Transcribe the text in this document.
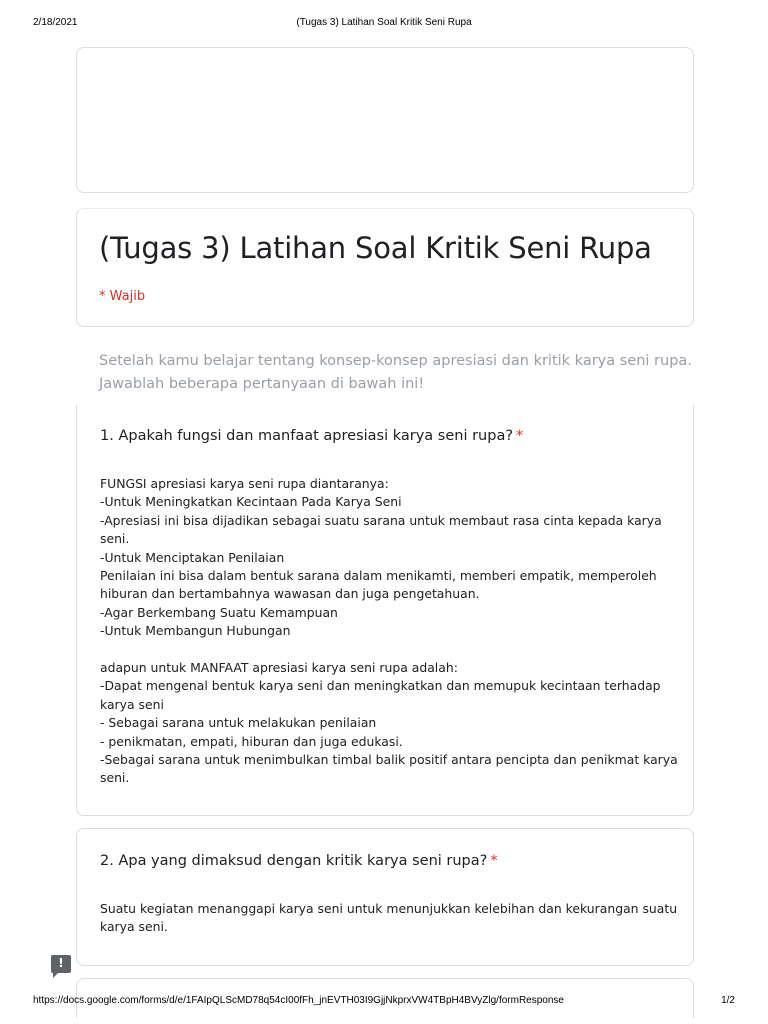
2/18/2021	(Tugas 3) Latihan Soal Kritik Seni Rupa
(Tugas 3) Latihan Soal Kritik Seni Rupa
* Wajib
Setelah kamu belajar tentang konsep-konsep apresiasi dan kritik karya seni rupa.
Jawablah beberapa pertanyaan di bawah ini!
1. Apakah fungsi dan manfaat apresiasi karya seni rupa? *
FUNGSI apresiasi karya seni rupa diantaranya:
-Untuk Meningkatkan Kecintaan Pada Karya Seni
-Apresiasi ini bisa dijadikan sebagai suatu sarana untuk membaut rasa cinta kepada karya
seni.
-Untuk Menciptakan Penilaian
Penilaian ini bisa dalam bentuk sarana dalam menikamti, memberi empatik, memperoleh
hiburan dan bertambahnya wawasan dan juga pengetahuan.
-Agar Berkembang Suatu Kemampuan
-Untuk Membangun Hubungan
adapun untuk MANFAAT apresiasi karya seni rupa adalah:
-Dapat mengenal bentuk karya seni dan meningkatkan dan memupuk kecintaan terhadap
karya seni
- Sebagai sarana untuk melakukan penilaian
- penikmatan, empati, hiburan dan juga edukasi.
-Sebagai sarana untuk menimbulkan timbal balik positif antara pencipta dan penikmat karya
seni.
2. Apa yang dimaksud dengan kritik karya seni rupa? *
Suatu kegiatan menanggapi karya seni untuk menunjukkan kelebihan dan kekurangan suatu
karya seni.
!
https://docs.google.com/forms/d/e/1FAIpQLScMD78q54cI00fFh_jnEVTH03I9GjjNkprxVW4TBpH4BVyZlg/formResponse	1/2
